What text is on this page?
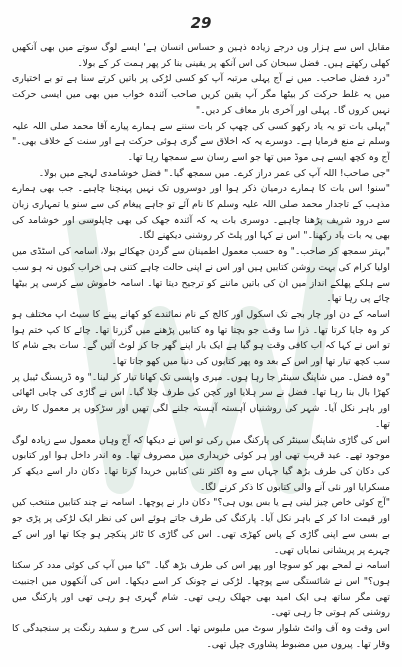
29

مقابل اس سے ہزار وں درجے زیادہ ذہین و حساس انسان ہے' ایسے لوگ سوتے میں بھی آنکھیں کھلی رکھتے ہیں۔ فضل سبحان کی اس آنکھ پر یقینی بنا کر پھر ہمت کر کے بولا۔

"درد فضل صاحب۔ میں نے آج پہلی مرتبہ آپ کو کسی لڑکی پر باتیں کرتے سنا ہے تو بے اختیاری میں یہ غلط حرکت کر بیٹھا مگر آپ یقین کریں صاحب آئندہ خواب میں بھی میں ایسی حرکت نہیں کروں گا۔ پہلی اور آخری بار معاف کر دیں۔"

"پہلی بات تو یہ یاد رکھو کسی کی چھپ کر بات سننے سے ہمارے پیارے آقا محمد صلی اللہ علیہ وسلم نے منع فرمایا ہے۔ دوسرے یہ کہ اخلاق سے گری ہوئی حرکت ہے اور سنت کے خلاف بھی۔" آج وہ کچھ ایسے ہی موڈ میں تھا جو اسے رسان سے سمجھا رہا تھا۔

"جی صاحب! اللہ آپ کی عمر دراز کرے۔ میں سمجھ گیا۔" فضل خوشامدی لہجے میں بولا۔

"سنو! اس بات کا ہمارے درمیان ذکر ہوا اور دوسروں تک نہیں پہنچنا چاہیے۔ جب بھی ہمارے مذہب کے تاجدار محمد صلی اللہ علیہ وسلم کا نام آئے تو جاہے پیغام کی سے سنو یا تمہاری زبان سے درود شریف پڑھنا چاہیے۔ دوسری بات یہ کہ آئندہ جھک کی بھی چاپلوسی اور خوشامد کی بھی یہ بات یاد رکھنا۔" اس نے کہا اور پلٹ کر روشنی دیکھنے لگا۔

"بہتر سمجھ کر صاحب۔" وہ حسب معمول اطمینان سے گردن جھکائے بولا، اسامہ کی اسٹڈی میں اولیا کرام کی بہت روشن کتابیں ہیں اور اس نے اپنی حالت چاہے کتنی ہی خراب کیوں نہ ہو سب سے ہلکے پھلکے انداز میں ان کی باتیں ماننے کو ترجیح دیتا تھا۔ اسامہ خاموش سے کرسی پر بیٹھا چائے پی رہا تھا۔

اسامہ کے دن اور چار بجے تک اسکول اور کالج کے نام نمائندے کو کھانے پینے کا سیٹ اپ مختلف ہو کر وہ جایا کرتا تھا۔ ذرا سا وقت جو بچتا تھا وہ کتابیں پڑھنے میں گزرتا تھا۔ چائے کا کپ ختم ہوا تو اس نے کہا کہ اب کافی وقت ہو گیا ہے ایک بار اپنے گھر جا کر لوٹ آئیں گے۔ سات بجے شام کا سب کچھ تیار تھا اور اس کے بعد وہ پھر کتابوں کی دنیا میں کھو جاتا تھا۔

"وہ فضل۔ میں شاپنگ سینٹر جا رہا ہوں۔ میری واپسی تک کھانا تیار کر لینا۔" وہ ڈریسنگ ٹیبل پر کھڑا بال بنا رہا تھا۔ فضل نے سر ہلایا اور کچن کی طرف چلا گیا۔ اس نے گاڑی کی چابی اٹھائی اور باہر نکل آیا۔ شہر کی روشنیاں آہستہ آہستہ جلنے لگی تھیں اور سڑکوں پر معمول کا رش تھا۔

اس کی گاڑی شاپنگ سینٹر کی پارکنگ میں رکی تو اس نے دیکھا کہ آج وہاں معمول سے زیادہ لوگ موجود تھے۔ عید قریب تھی اور ہر کوئی خریداری میں مصروف تھا۔ وہ اندر داخل ہوا اور کتابوں کی دکان کی طرف بڑھ گیا جہاں سے وہ اکثر نئی کتابیں خریدا کرتا تھا۔ دکان دار اسے دیکھ کر مسکرایا اور نئی آنے والی کتابوں کا ذکر کرنے لگا۔

"آج کوئی خاص چیز لینی ہے یا بس یوں ہی؟" دکان دار نے پوچھا۔ اسامہ نے چند کتابیں منتخب کیں اور قیمت ادا کر کے باہر نکل آیا۔ پارکنگ کی طرف جاتے ہوئے اس کی نظر ایک لڑکی پر پڑی جو بے بسی سے اپنی گاڑی کے پاس کھڑی تھی۔ اس کی گاڑی کا ٹائر پنکچر ہو چکا تھا اور اس کے چہرے پر پریشانی نمایاں تھی۔

اسامہ نے لمحے بھر کو سوچا اور پھر اس کی طرف بڑھ گیا۔ "کیا میں آپ کی کوئی مدد کر سکتا ہوں؟" اس نے شائستگی سے پوچھا۔ لڑکی نے چونک کر اسے دیکھا۔ اس کی آنکھوں میں اجنبیت تھی مگر ساتھ ہی ایک امید بھی جھلک رہی تھی۔ شام گہری ہو رہی تھی اور پارکنگ میں روشنی کم ہوتی جا رہی تھی۔

اس وقت وہ آف وائٹ شلوار سوٹ میں ملبوس تھا۔ اس کی سرخ و سفید رنگت پر سنجیدگی کا وقار تھا۔ پیروں میں مضبوط پشاوری چپل تھی۔
